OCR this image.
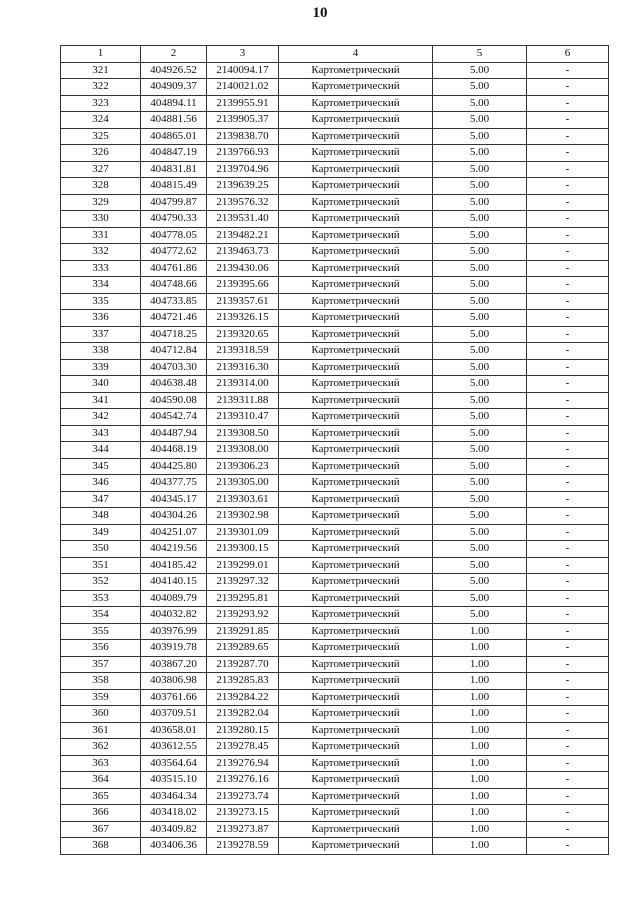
10
1	2	3	4	5	6
321	404926.52	2140094.17	Картометрический	5.00	-
322	404909.37	2140021.02	Картометрический	5.00	-
323	404894.11	2139955.91	Картометрический	5.00	-
324	404881.56	2139905.37	Картометрический	5.00	-
325	404865.01	2139838.70	Картометрический	5.00	-
326	404847.19	2139766.93	Картометрический	5.00	-
327	404831.81	2139704.96	Картометрический	5.00	-
328	404815.49	2139639.25	Картометрический	5.00	-
329	404799.87	2139576.32	Картометрический	5.00	-
330	404790.33	2139531.40	Картометрический	5.00	-
331	404778.05	2139482.21	Картометрический	5.00	-
332	404772.62	2139463.73	Картометрический	5.00	-
333	404761.86	2139430.06	Картометрический	5.00	-
334	404748.66	2139395.66	Картометрический	5.00	-
335	404733.85	2139357.61	Картометрический	5.00	-
336	404721.46	2139326.15	Картометрический	5.00	-
337	404718.25	2139320.65	Картометрический	5.00	-
338	404712.84	2139318.59	Картометрический	5.00	-
339	404703.30	2139316.30	Картометрический	5.00	-
340	404638.48	2139314.00	Картометрический	5.00	-
341	404590.08	2139311.88	Картометрический	5.00	-
342	404542.74	2139310.47	Картометрический	5.00	-
343	404487.94	2139308.50	Картометрический	5.00	-
344	404468.19	2139308.00	Картометрический	5.00	-
345	404425.80	2139306.23	Картометрический	5.00	-
346	404377.75	2139305.00	Картометрический	5.00	-
347	404345.17	2139303.61	Картометрический	5.00	-
348	404304.26	2139302.98	Картометрический	5.00	-
349	404251.07	2139301.09	Картометрический	5.00	-
350	404219.56	2139300.15	Картометрический	5.00	-
351	404185.42	2139299.01	Картометрический	5.00	-
352	404140.15	2139297.32	Картометрический	5.00	-
353	404089.79	2139295.81	Картометрический	5.00	-
354	404032.82	2139293.92	Картометрический	5.00	-
355	403976.99	2139291.85	Картометрический	1.00	-
356	403919.78	2139289.65	Картометрический	1.00	-
357	403867.20	2139287.70	Картометрический	1.00	-
358	403806.98	2139285.83	Картометрический	1.00	-
359	403761.66	2139284.22	Картометрический	1.00	-
360	403709.51	2139282.04	Картометрический	1.00	-
361	403658.01	2139280.15	Картометрический	1.00	-
362	403612.55	2139278.45	Картометрический	1.00	-
363	403564.64	2139276.94	Картометрический	1.00	-
364	403515.10	2139276.16	Картометрический	1.00	-
365	403464.34	2139273.74	Картометрический	1.00	-
366	403418.02	2139273.15	Картометрический	1.00	-
367	403409.82	2139273.87	Картометрический	1.00	-
368	403406.36	2139278.59	Картометрический	1.00	-
